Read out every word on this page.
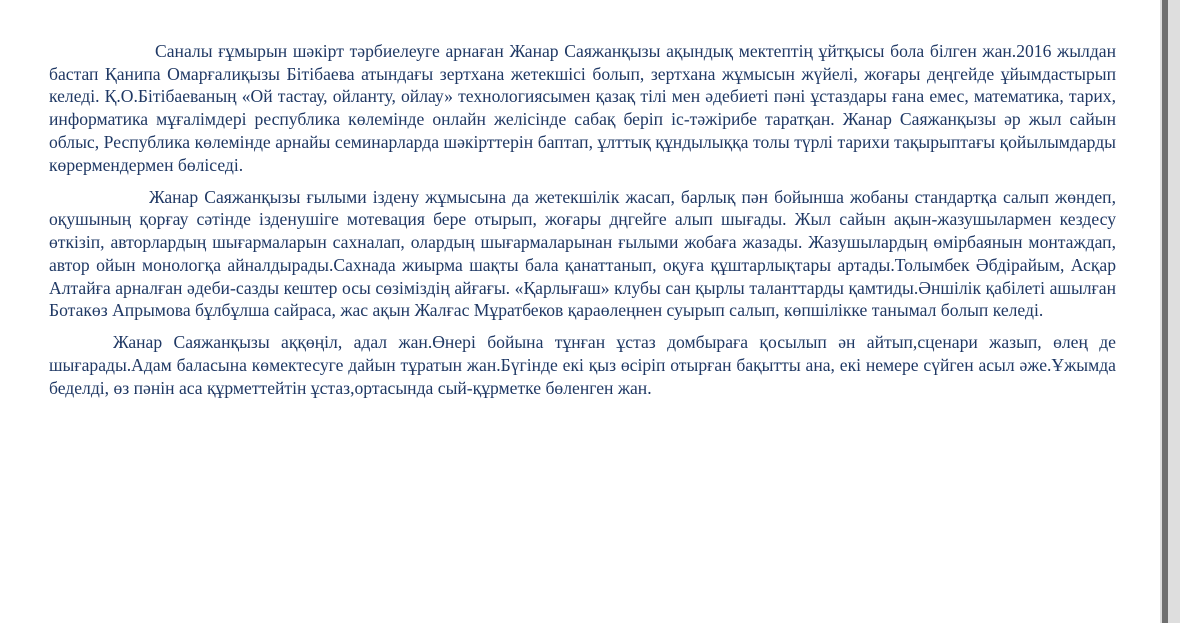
Саналы ғұмырын шәкірт тәрбиелеуге арнаған Жанар Саяжанқызы ақындық мектептің ұйтқысы бола білген жан.2016 жылдан бастап Қанипа Омарғалиқызы Бітібаева атындағы зертхана жетекшісі болып, зертхана жұмысын жүйелі, жоғары деңгейде ұйымдастырып келеді. Қ.О.Бітібаеваның «Ой тастау, ойланту, ойлау» технологиясымен қазақ тілі мен әдебиеті пәні ұстаздары ғана емес, математика, тарих, информатика мұғалімдері республика көлемінде онлайн желісінде сабақ беріп іс-тәжірибе таратқан. Жанар Саяжанқызы әр жыл сайын облыс, Республика көлемінде арнайы семинарларда шәкірттерін баптап, ұлттық құндылыққа толы түрлі тарихи тақырыптағы қойылымдарды көрермендермен бөліседі.

Жанар Саяжанқызы ғылыми іздену жұмысына да жетекшілік жасап, барлық пән бойынша жобаны стандартқа салып жөндеп, оқушының қорғау сәтінде ізденушіге мотевация бере отырып, жоғары дңгейге алып шығады. Жыл сайын ақын-жазушылармен кездесу өткізіп, авторлардың шығармаларын сахналап, олардың шығармаларынан ғылыми жобаға жазады. Жазушылардың өмірбаянын монтаждап, автор ойын монологқа айналдырады.Сахнада жиырма шақты бала қанаттанып, оқуға құштарлықтары артады.Толымбек Әбдірайым, Асқар Алтайға арналған әдеби-сазды кештер осы сөзіміздің айғағы. «Қарлығаш» клубы сан қырлы таланттарды қамтиды.Әншілік қабілеті ашылған Ботакөз Апрымова бұлбұлша сайраса, жас ақын Жалғас Мұратбеков қараөлеңнен суырып салып, көпшілікке танымал болып келеді.

Жанар Саяжанқызы аққөңіл, адал жан.Өнері бойына тұнған ұстаз домбыраға қосылып ән айтып,сценари жазып, өлең де шығарады.Адам баласына көмектесуге дайын тұратын жан.Бүгінде екі қыз өсіріп отырған бақытты ана, екі немере сүйген асыл әже.Ұжымда беделді, өз пәнін аса құрметтейтін ұстаз,ортасында сый-құрметке бөленген жан.
